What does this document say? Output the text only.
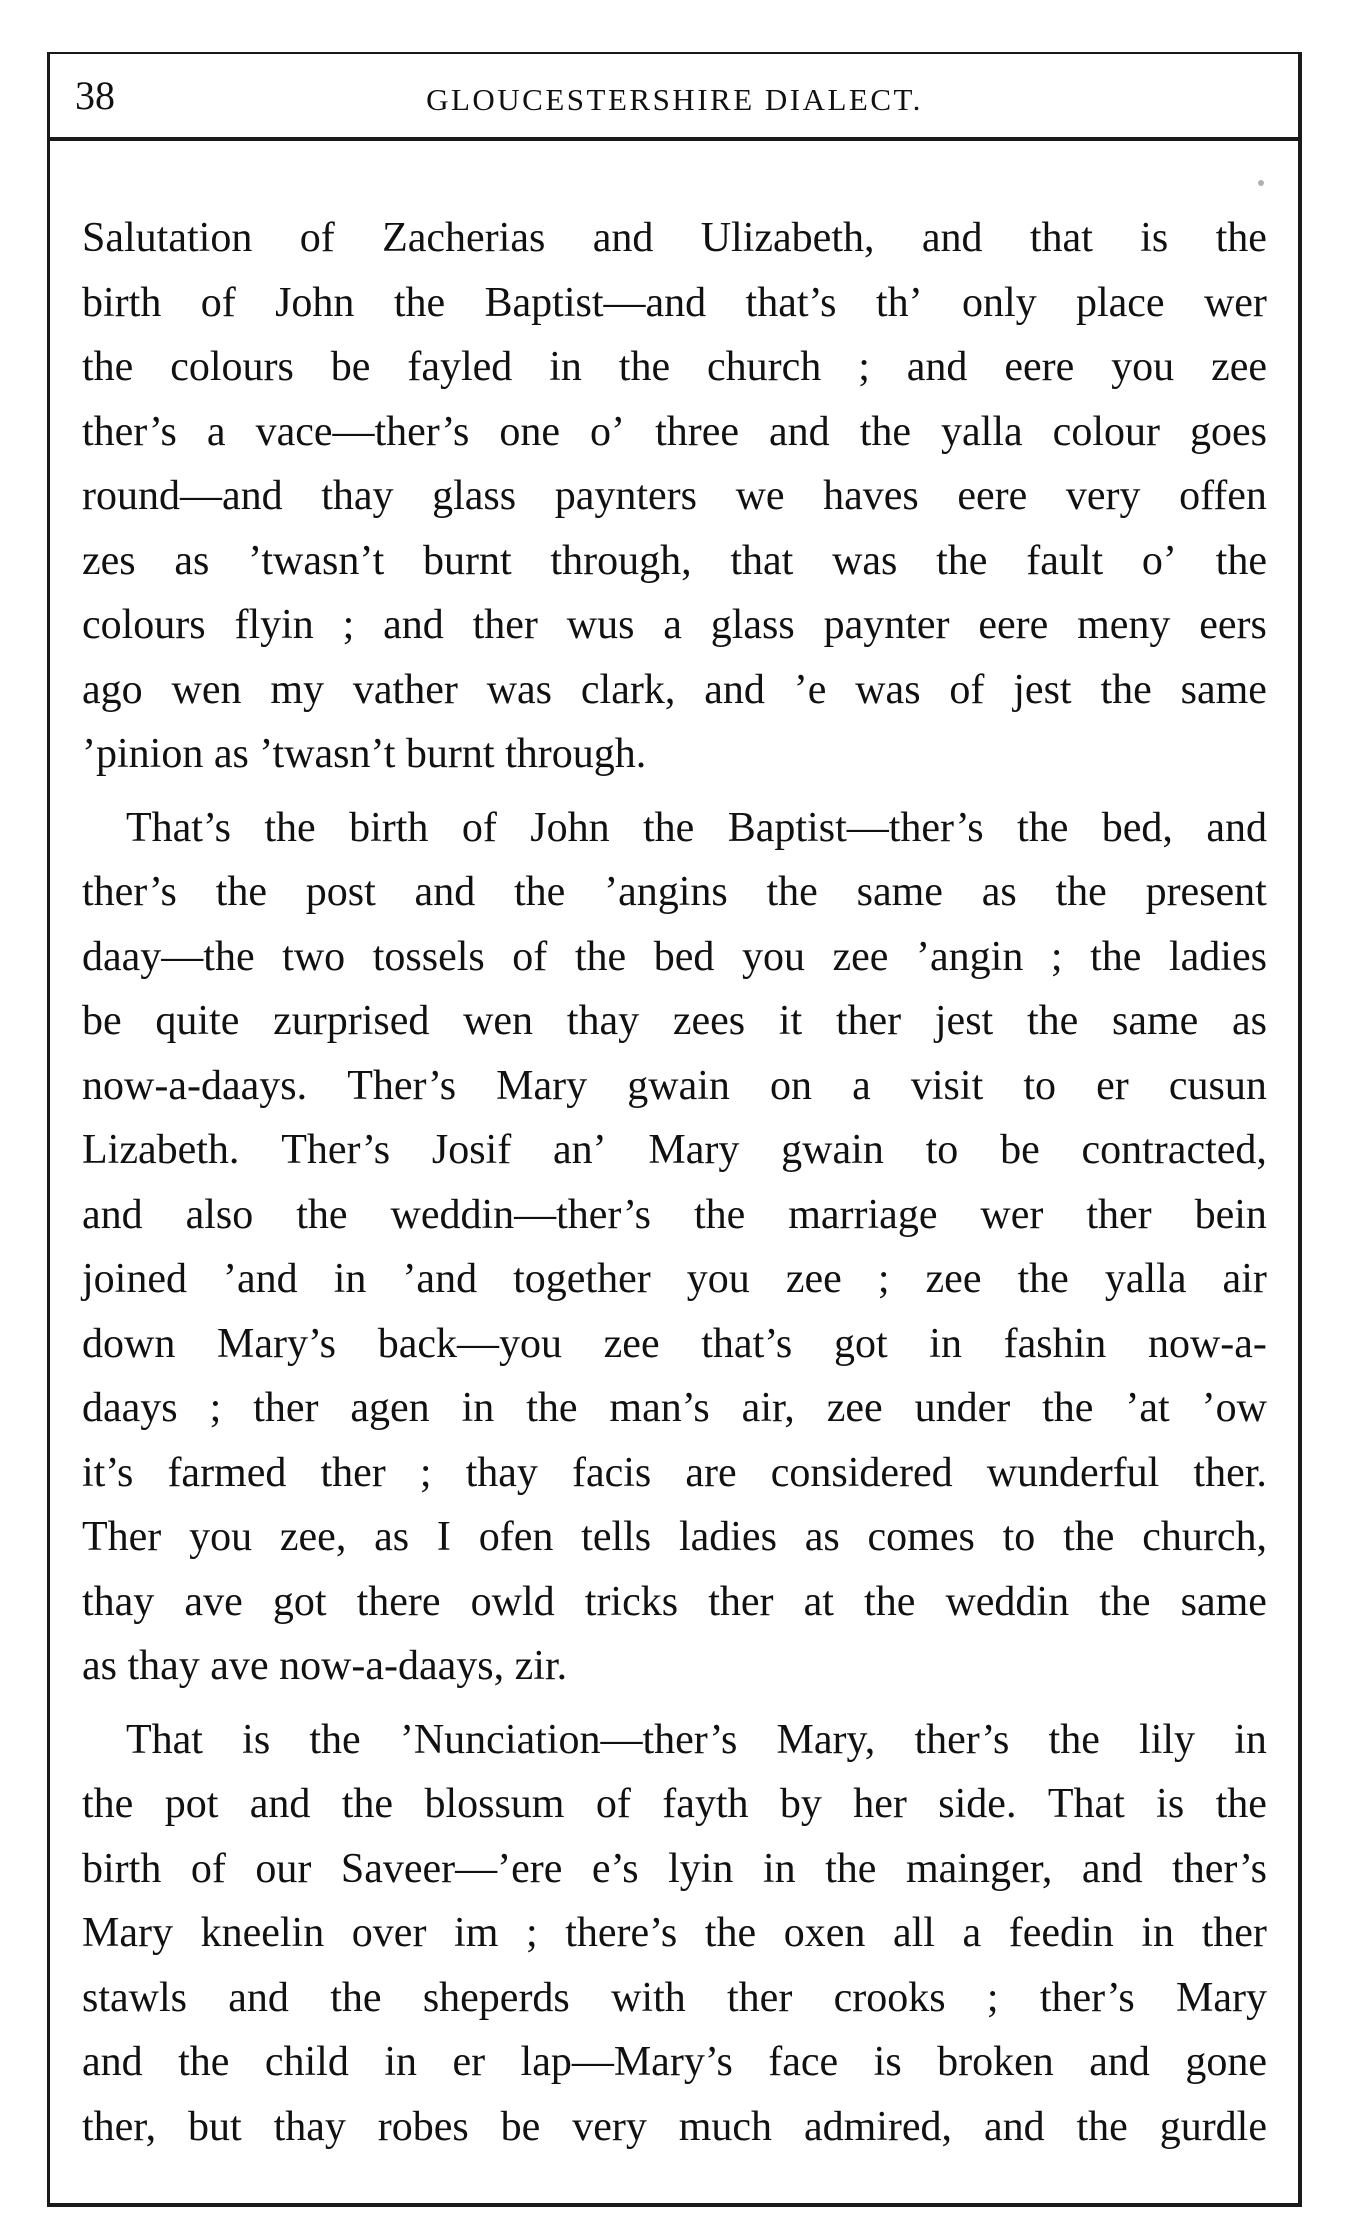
38	GLOUCESTERSHIRE DIALECT.
Salutation of Zacherias and Ulizabeth, and that is the
birth of John the Baptist—and that’s th’ only place wer
the colours be fayled in the church ; and eere you zee
ther’s a vace—ther’s one o’ three and the yalla colour goes
round—and thay glass paynters we haves eere very offen
zes as ’twasn’t burnt through, that was the fault o’ the
colours flyin ; and ther wus a glass paynter eere meny eers
ago wen my vather was clark, and ’e was of jest the same
’pinion as ’twasn’t burnt through.
That’s the birth of John the Baptist—ther’s the bed, and
ther’s the post and the ’angins the same as the present
daay—the two tossels of the bed you zee ’angin ; the ladies
be quite zurprised wen thay zees it ther jest the same as
now-a-daays. Ther’s Mary gwain on a visit to er cusun
Lizabeth. Ther’s Josif an’ Mary gwain to be contracted,
and also the weddin—ther’s the marriage wer ther bein
joined ’and in ’and together you zee ; zee the yalla air
down Mary’s back—you zee that’s got in fashin now-a-
daays ; ther agen in the man’s air, zee under the ’at ’ow
it’s farmed ther ; thay facis are considered wunderful ther.
Ther you zee, as I ofen tells ladies as comes to the church,
thay ave got there owld tricks ther at the weddin the same
as thay ave now-a-daays, zir.
That is the ’Nunciation—ther’s Mary, ther’s the lily in
the pot and the blossum of fayth by her side. That is the
birth of our Saveer—’ere e’s lyin in the mainger, and ther’s
Mary kneelin over im ; there’s the oxen all a feedin in ther
stawls and the sheperds with ther crooks ; ther’s Mary
and the child in er lap—Mary’s face is broken and gone
ther, but thay robes be very much admired, and the gurdle
